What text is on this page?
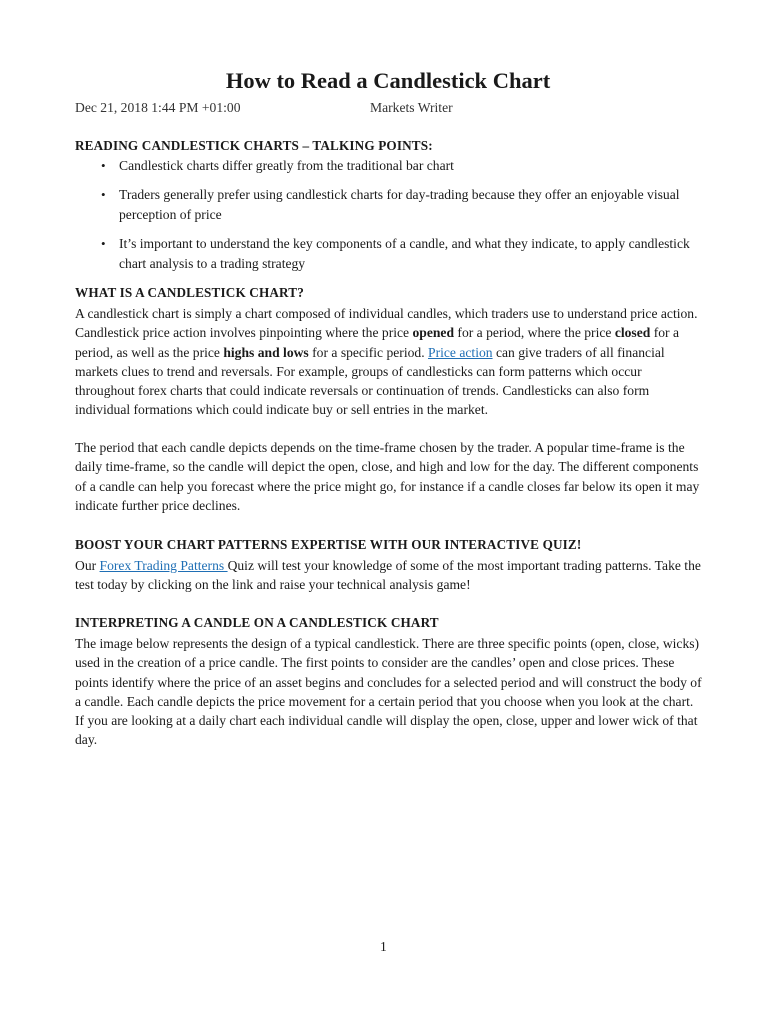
How to Read a Candlestick Chart
Dec 21, 2018 1:44 PM +01:00	Markets Writer
READING CANDLESTICK CHARTS – TALKING POINTS:
• Candlestick charts differ greatly from the traditional bar chart
• Traders generally prefer using candlestick charts for day-trading because they offer an enjoyable visual perception of price
• It’s important to understand the key components of a candle, and what they indicate, to apply candlestick chart analysis to a trading strategy
WHAT IS A CANDLESTICK CHART?

A candlestick chart is simply a chart composed of individual candles, which traders use to understand price action. Candlestick price action involves pinpointing where the price opened for a period, where the price closed for a period, as well as the price highs and lows for a specific period. Price action can give traders of all financial markets clues to trend and reversals. For example, groups of candlesticks can form patterns which occur throughout forex charts that could indicate reversals or continuation of trends. Candlesticks can also form individual formations which could indicate buy or sell entries in the market.

The period that each candle depicts depends on the time-frame chosen by the trader. A popular time-frame is the daily time-frame, so the candle will depict the open, close, and high and low for the day. The different components of a candle can help you forecast where the price might go, for instance if a candle closes far below its open it may indicate further price declines.

BOOST YOUR CHART PATTERNS EXPERTISE WITH OUR INTERACTIVE QUIZ!

Our Forex Trading Patterns Quiz will test your knowledge of some of the most important trading patterns. Take the test today by clicking on the link and raise your technical analysis game!

INTERPRETING A CANDLE ON A CANDLESTICK CHART

The image below represents the design of a typical candlestick. There are three specific points (open, close, wicks) used in the creation of a price candle. The first points to consider are the candles’ open and close prices. These points identify where the price of an asset begins and concludes for a selected period and will construct the body of a candle. Each candle depicts the price movement for a certain period that you choose when you look at the chart. If you are looking at a daily chart each individual candle will display the open, close, upper and lower wick of that day.

1
